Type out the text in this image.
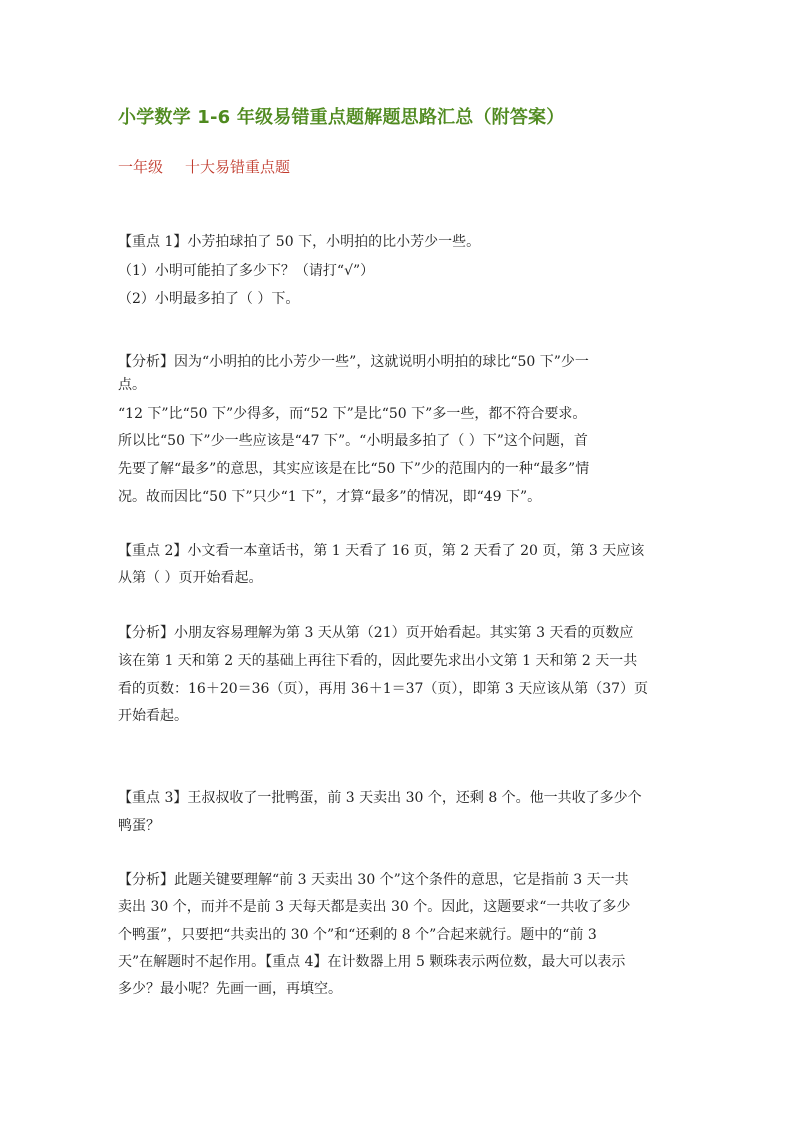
小学数学 1-6 年级易错重点题解题思路汇总（附答案）
一年级 十大易错重点题
【重点 1】小芳拍球拍了 50 下，小明拍的比小芳少一些。
（1）小明可能拍了多少下？（请打“√”）
（2）小明最多拍了（ ）下。
【分析】因为“小明拍的比小芳少一些”，这就说明小明拍的球比“50 下”少一
点。
“12 下”比“50 下”少得多，而“52 下”是比“50 下”多一些，都不符合要求。
所以比“50 下”少一些应该是“47 下”。“小明最多拍了（ ）下”这个问题，首
先要了解“最多”的意思，其实应该是在比“50 下”少的范围内的一种“最多”情
况。故而因比“50 下”只少“1 下”，才算“最多”的情况，即“49 下”。
【重点 2】小文看一本童话书，第 1 天看了 16 页，第 2 天看了 20 页，第 3 天应该
从第（ ）页开始看起。
【分析】小朋友容易理解为第 3 天从第（21）页开始看起。其实第 3 天看的页数应
该在第 1 天和第 2 天的基础上再往下看的，因此要先求出小文第 1 天和第 2 天一共
看的页数：16＋20＝36（页），再用 36＋1＝37（页），即第 3 天应该从第（37）页
开始看起。
【重点 3】王叔叔收了一批鸭蛋，前 3 天卖出 30 个，还剩 8 个。他一共收了多少个
鸭蛋？
【分析】此题关键要理解“前 3 天卖出 30 个”这个条件的意思，它是指前 3 天一共
卖出 30 个，而并不是前 3 天每天都是卖出 30 个。因此，这题要求“一共收了多少
个鸭蛋”，只要把“共卖出的 30 个”和“还剩的 8 个”合起来就行。题中的“前 3
天”在解题时不起作用。【重点 4】在计数器上用 5 颗珠表示两位数，最大可以表示
多少？最小呢？先画一画，再填空。
